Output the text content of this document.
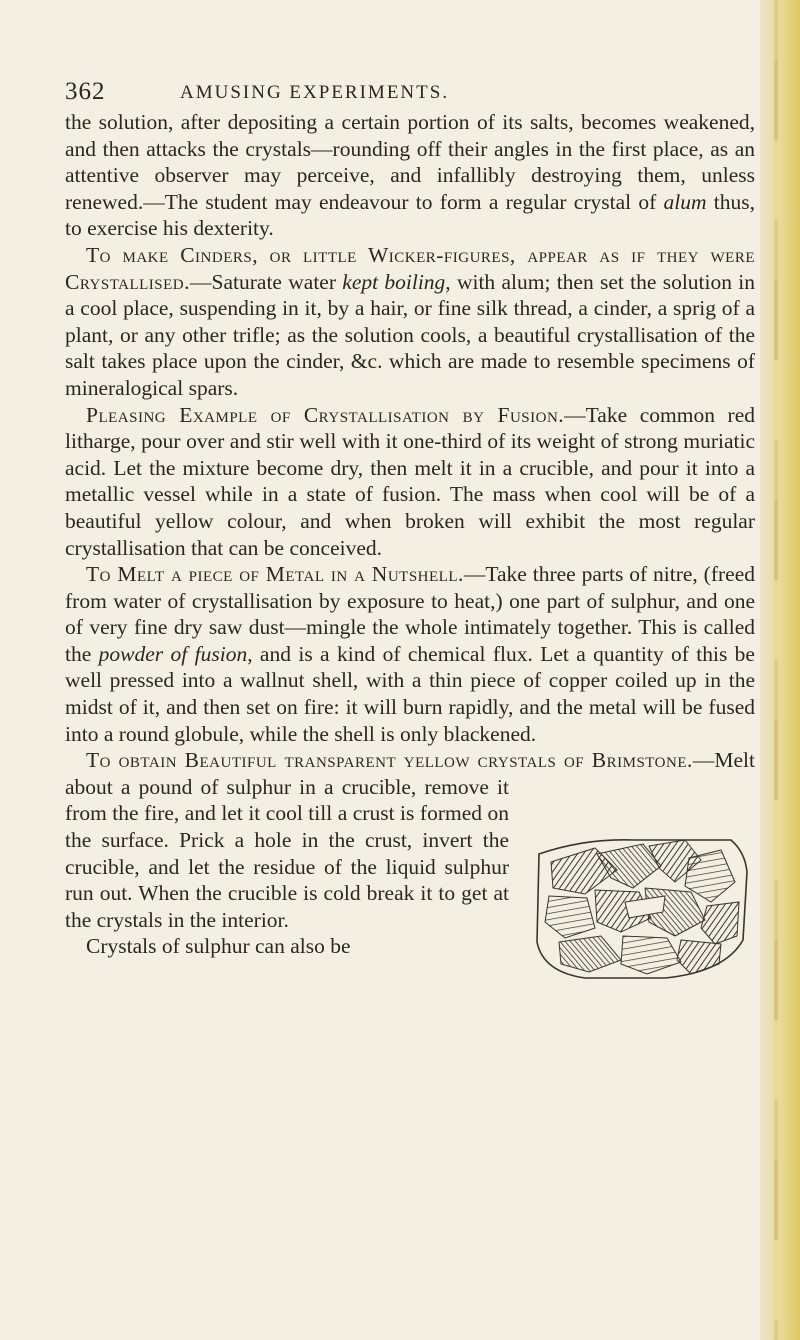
362	AMUSING EXPERIMENTS.

the solution, after depositing a certain portion of its salts, becomes weakened, and then attacks the crystals—rounding off their angles in the first place, as an attentive observer may perceive, and infallibly destroying them, unless renewed.—The student may endeavour to form a regular crystal of alum thus, to exercise his dexterity.

To make Cinders, or little Wicker-figures, appear as if they were Crystallised.—Saturate water kept boiling, with alum; then set the solution in a cool place, suspending in it, by a hair, or fine silk thread, a cinder, a sprig of a plant, or any other trifle; as the solution cools, a beautiful crystallisation of the salt takes place upon the cinder, &c. which are made to resemble specimens of mineralogical spars.

Pleasing Example of Crystallisation by Fusion.—Take common red litharge, pour over and stir well with it one-third of its weight of strong muriatic acid. Let the mixture become dry, then melt it in a crucible, and pour it into a metallic vessel while in a state of fusion. The mass when cool will be of a beautiful yellow colour, and when broken will exhibit the most regular crystallisation that can be conceived.

To Melt a piece of Metal in a Nutshell.—Take three parts of nitre, (freed from water of crystallisation by exposure to heat,) one part of sulphur, and one of very fine dry saw dust—mingle the whole intimately together. This is called the powder of fusion, and is a kind of chemical flux. Let a quantity of this be well pressed into a wallnut shell, with a thin piece of copper coiled up in the midst of it, and then set on fire: it will burn rapidly, and the metal will be fused into a round globule, while the shell is only blackened.

To obtain Beautiful transparent yellow crystals of Brimstone.
—Melt about a pound of sulphur in a crucible, remove it from the fire, and let it cool till a crust is formed on the surface. Prick a hole in the crust, invert the crucible, and let the residue of the liquid sulphur run out. When the crucible is cold break it to get at the crystals in the interior.
Crystals of sulphur can also be
